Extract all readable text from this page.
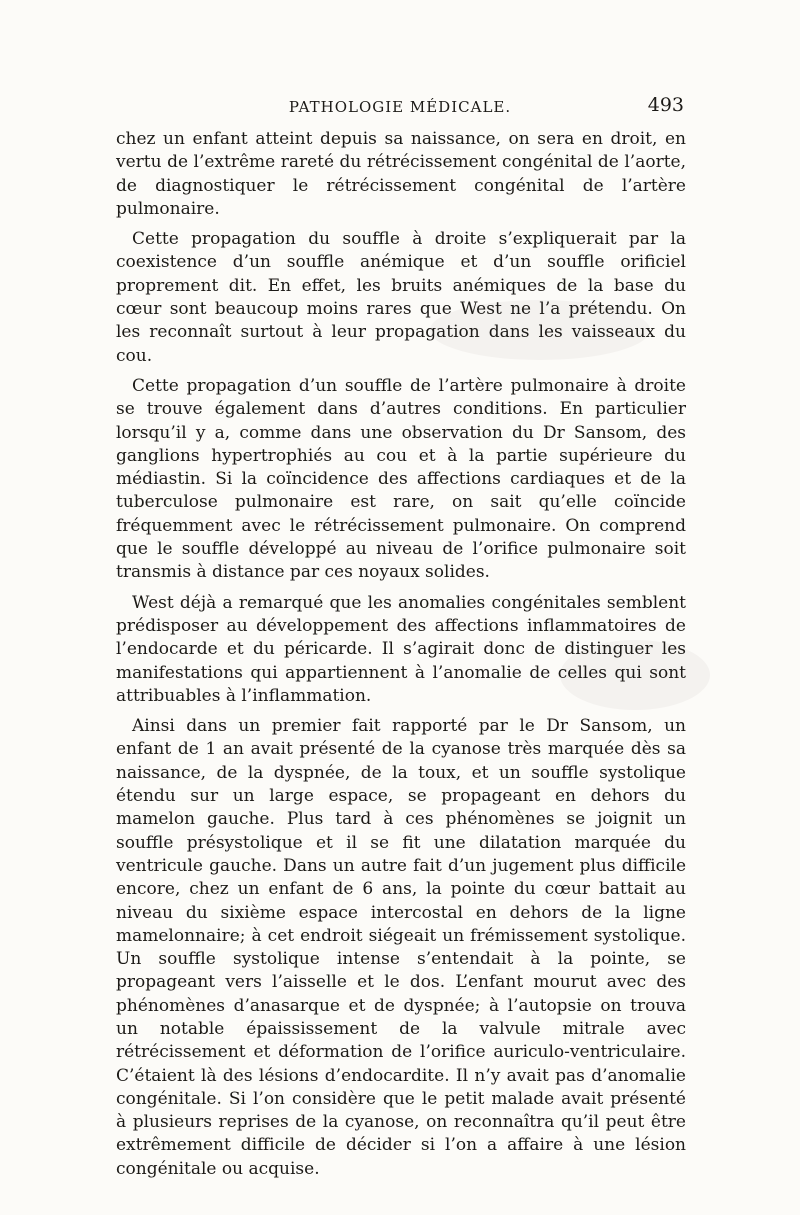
PATHOLOGIE MÉDICALE.	493

chez un enfant atteint depuis sa naissance, on sera en droit, en vertu de l’extrême rareté du rétrécissement congénital de l’aorte, de diagnostiquer le rétrécissement congénital de l’artère pulmonaire.

Cette propagation du souffle à droite s’expliquerait par la coexistence d’un souffle anémique et d’un souffle orificiel proprement dit. En effet, les bruits anémiques de la base du cœur sont beaucoup moins rares que West ne l’a prétendu. On les reconnaît surtout à leur propagation dans les vaisseaux du cou.

Cette propagation d’un souffle de l’artère pulmonaire à droite se trouve également dans d’autres conditions. En particulier lorsqu’il y a, comme dans une observation du Dr Sansom, des ganglions hypertrophiés au cou et à la partie supérieure du médiastin. Si la coïncidence des affections cardiaques et de la tuberculose pulmonaire est rare, on sait qu’elle coïncide fréquemment avec le rétrécissement pulmonaire. On comprend que le souffle développé au niveau de l’orifice pulmonaire soit transmis à distance par ces noyaux solides.

West déjà a remarqué que les anomalies congénitales semblent prédisposer au développement des affections inflammatoires de l’endocarde et du péricarde. Il s’agirait donc de distinguer les manifestations qui appartiennent à l’anomalie de celles qui sont attribuables à l’inflammation.

Ainsi dans un premier fait rapporté par le Dr Sansom, un enfant de 1 an avait présenté de la cyanose très marquée dès sa naissance, de la dyspnée, de la toux, et un souffle systolique étendu sur un large espace, se propageant en dehors du mamelon gauche. Plus tard à ces phénomènes se joignit un souffle présystolique et il se fit une dilatation marquée du ventricule gauche. Dans un autre fait d’un jugement plus difficile encore, chez un enfant de 6 ans, la pointe du cœur battait au niveau du sixième espace intercostal en dehors de la ligne mamelonnaire; à cet endroit siégeait un frémissement systolique. Un souffle systolique intense s’entendait à la pointe, se propageant vers l’aisselle et le dos. L’enfant mourut avec des phénomènes d’anasarque et de dyspnée; à l’autopsie on trouva un notable épaississement de la valvule mitrale avec rétrécissement et déformation de l’orifice auriculo-ventriculaire. C’étaient là des lésions d’endocardite. Il n’y avait pas d’anomalie congénitale. Si l’on considère que le petit malade avait présenté à plusieurs reprises de la cyanose, on reconnaîtra qu’il peut être extrêmement difficile de décider si l’on a affaire à une lésion congénitale ou acquise.
